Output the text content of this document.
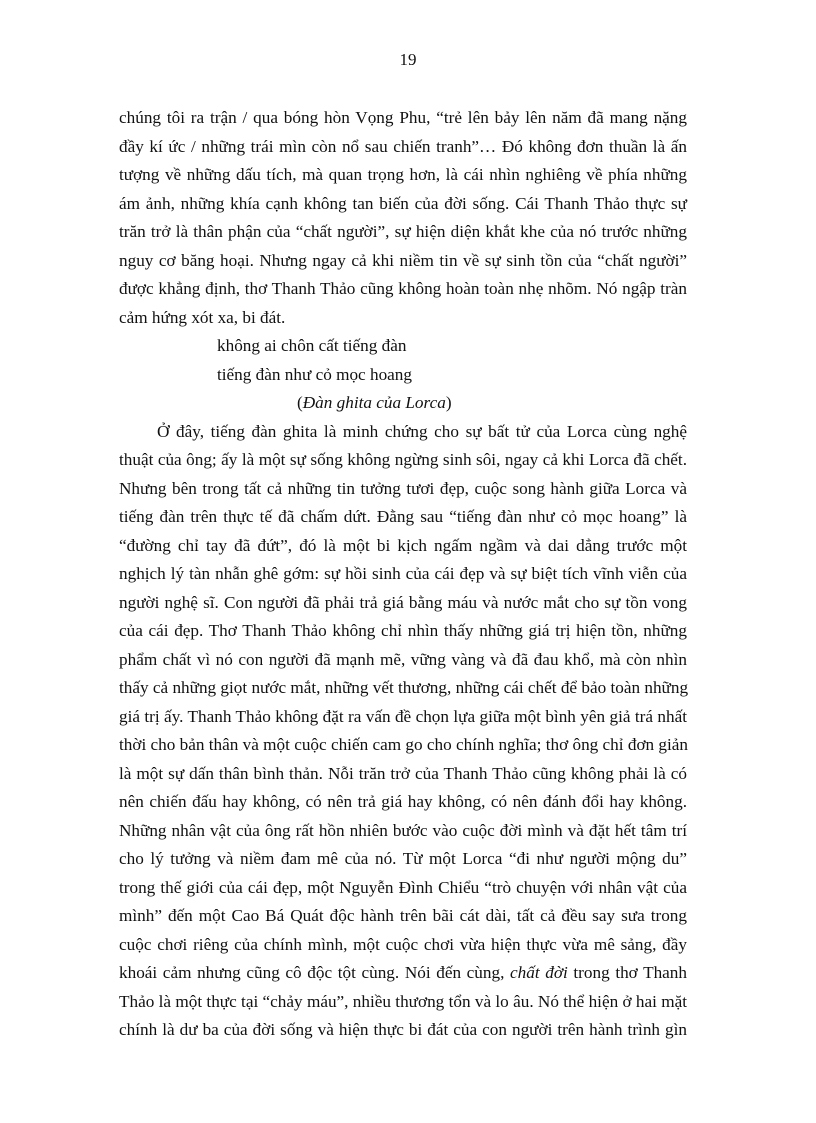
19
chúng tôi ra trận / qua bóng hòn Vọng Phu, “trẻ lên bảy lên năm đã mang nặng
đầy kí ức / những trái mìn còn nổ sau chiến tranh”… Đó không đơn thuần là ấn
tượng về những dấu tích, mà quan trọng hơn, là cái nhìn nghiêng về phía những
ám ảnh, những khía cạnh không tan biến của đời sống. Cái Thanh Thảo thực sự
trăn trở là thân phận của “chất người”, sự hiện diện khắt khe của nó trước những
nguy cơ băng hoại. Nhưng ngay cả khi niềm tin về sự sinh tồn của “chất người”
được khẳng định, thơ Thanh Thảo cũng không hoàn toàn nhẹ nhõm. Nó ngập tràn
cảm hứng xót xa, bi đát.
không ai chôn cất tiếng đàn
tiếng đàn như cỏ mọc hoang
(Đàn ghita của Lorca)
Ở đây, tiếng đàn ghita là minh chứng cho sự bất tử của Lorca cùng nghệ
thuật của ông; ấy là một sự sống không ngừng sinh sôi, ngay cả khi Lorca đã chết.
Nhưng bên trong tất cả những tin tưởng tươi đẹp, cuộc song hành giữa Lorca và
tiếng đàn trên thực tế đã chấm dứt. Đằng sau “tiếng đàn như cỏ mọc hoang” là
“đường chỉ tay đã đứt”, đó là một bi kịch ngấm ngầm và dai dẳng trước một
nghịch lý tàn nhẫn ghê gớm: sự hồi sinh của cái đẹp và sự biệt tích vĩnh viễn của
người nghệ sĩ. Con người đã phải trả giá bằng máu và nước mắt cho sự tồn vong
của cái đẹp. Thơ Thanh Thảo không chỉ nhìn thấy những giá trị hiện tồn, những
phẩm chất vì nó con người đã mạnh mẽ, vững vàng và đã đau khổ, mà còn nhìn
thấy cả những giọt nước mắt, những vết thương, những cái chết để bảo toàn những
giá trị ấy. Thanh Thảo không đặt ra vấn đề chọn lựa giữa một bình yên giả trá nhất
thời cho bản thân và một cuộc chiến cam go cho chính nghĩa; thơ ông chỉ đơn giản
là một sự dấn thân bình thản. Nỗi trăn trở của Thanh Thảo cũng không phải là có
nên chiến đấu hay không, có nên trả giá hay không, có nên đánh đổi hay không.
Những nhân vật của ông rất hồn nhiên bước vào cuộc đời mình và đặt hết tâm trí
cho lý tưởng và niềm đam mê của nó. Từ một Lorca “đi như người mộng du”
trong thế giới của cái đẹp, một Nguyễn Đình Chiểu “trò chuyện với nhân vật của
mình” đến một Cao Bá Quát độc hành trên bãi cát dài, tất cả đều say sưa trong
cuộc chơi riêng của chính mình, một cuộc chơi vừa hiện thực vừa mê sảng, đầy
khoái cảm nhưng cũng cô độc tột cùng. Nói đến cùng, chất đời trong thơ Thanh
Thảo là một thực tại “chảy máu”, nhiều thương tổn và lo âu. Nó thể hiện ở hai mặt
chính là dư ba của đời sống và hiện thực bi đát của con người trên hành trình gìn
